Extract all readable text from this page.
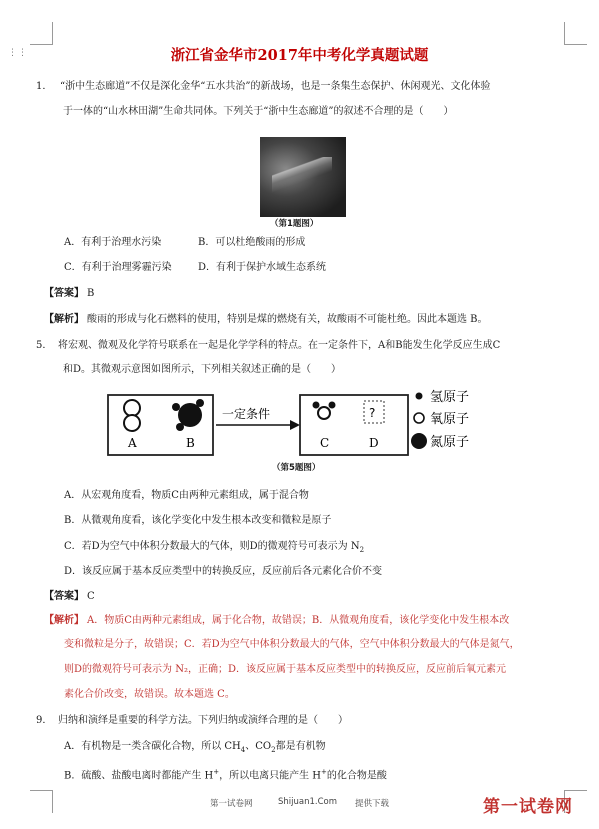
⋮⋮	浙江省金华市2017年中考化学真题试题
1． “浙中生态廊道”不仅是深化金华“五水共治”的新战场，也是一条集生态保护、休闲观光、文化体验
于一体的“山水林田湖”生命共同体。下列关于“浙中生态廊道”的叙述不合理的是（　　）
（第1题图）
A．有利于治理水污染	B．可以杜绝酸雨的形成
C．有利于治理雾霾污染	D．有利于保护水域生态系统
【答案】 B
【解析】 酸雨的形成与化石燃料的使用，特别是煤的燃烧有关，故酸雨不可能杜绝。因此本题选 B。
5． 将宏观、微观及化学符号联系在一起是化学学科的特点。在一定条件下，A和B能发生化学反应生成C
和D。其微观示意图如图所示，下列相关叙述正确的是（　　）
A	B
一定条件	?
C	D
氢原子
氧原子
氮原子
（第5题图）
A．从宏观角度看，物质C由两种元素组成，属于混合物
B．从微观角度看，该化学变化中发生根本改变和微粒是原子
C．若D为空气中体积分数最大的气体，则D的微观符号可表示为 $N_2$
D．该反应属于基本反应类型中的转换反应，反应前后各元素化合价不变
【答案】 C
【解析】 A．物质C由两种元素组成，属于化合物，故错误；B．从微观角度看，该化学变化中发生根本改
变和微粒是分子，故错误；C．若D为空气中体积分数最大的气体，空气中体积分数最大的气体是氮气，
则D的微观符号可表示为 N₂，正确；D．该反应属于基本反应类型中的转换反应，反应前后氧元素元
素化合价改变，故错误。故本题选 C。
9． 归纳和演绎是重要的科学方法。下列归纳或演绎合理的是（　　）
A．有机物是一类含碳化合物，所以 $CH_4$、$CO_2$都是有机物
B．硫酸、盐酸电离时都能产生 H+，所以电离只能产生 H+的化合物是酸
第一试卷网	Shijuan1.Com 提供下载	第一试卷网
